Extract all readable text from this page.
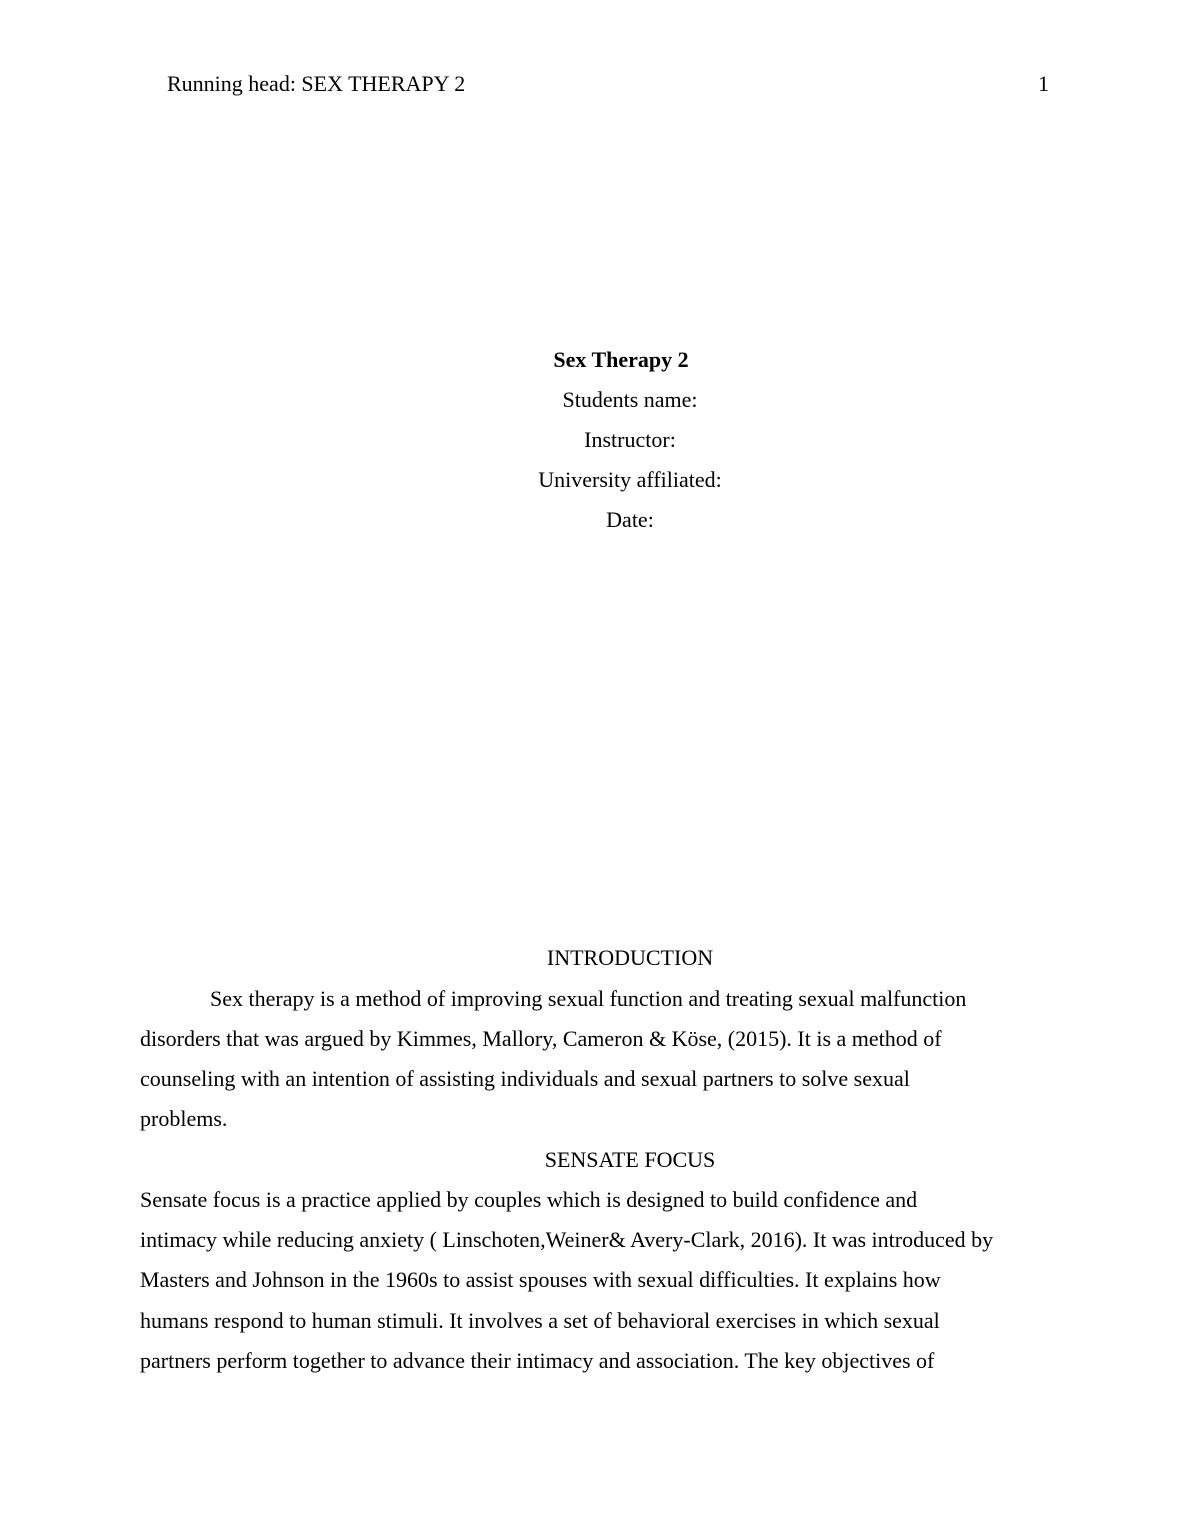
Running head: SEX THERAPY 2	1
Sex Therapy 2
Students name:
Instructor:
University affiliated:
Date:
INTRODUCTION
Sex therapy is a method of improving sexual function and treating sexual malfunction
disorders that was argued by Kimmes, Mallory, Cameron & Köse, (2015). It is a method of
counseling with an intention of assisting individuals and sexual partners to solve sexual
problems.
SENSATE FOCUS
Sensate focus is a practice applied by couples which is designed to build confidence and
intimacy while reducing anxiety ( Linschoten,Weiner& Avery-Clark, 2016). It was introduced by
Masters and Johnson in the 1960s to assist spouses with sexual difficulties. It explains how
humans respond to human stimuli. It involves a set of behavioral exercises in which sexual
partners perform together to advance their intimacy and association. The key objectives of
